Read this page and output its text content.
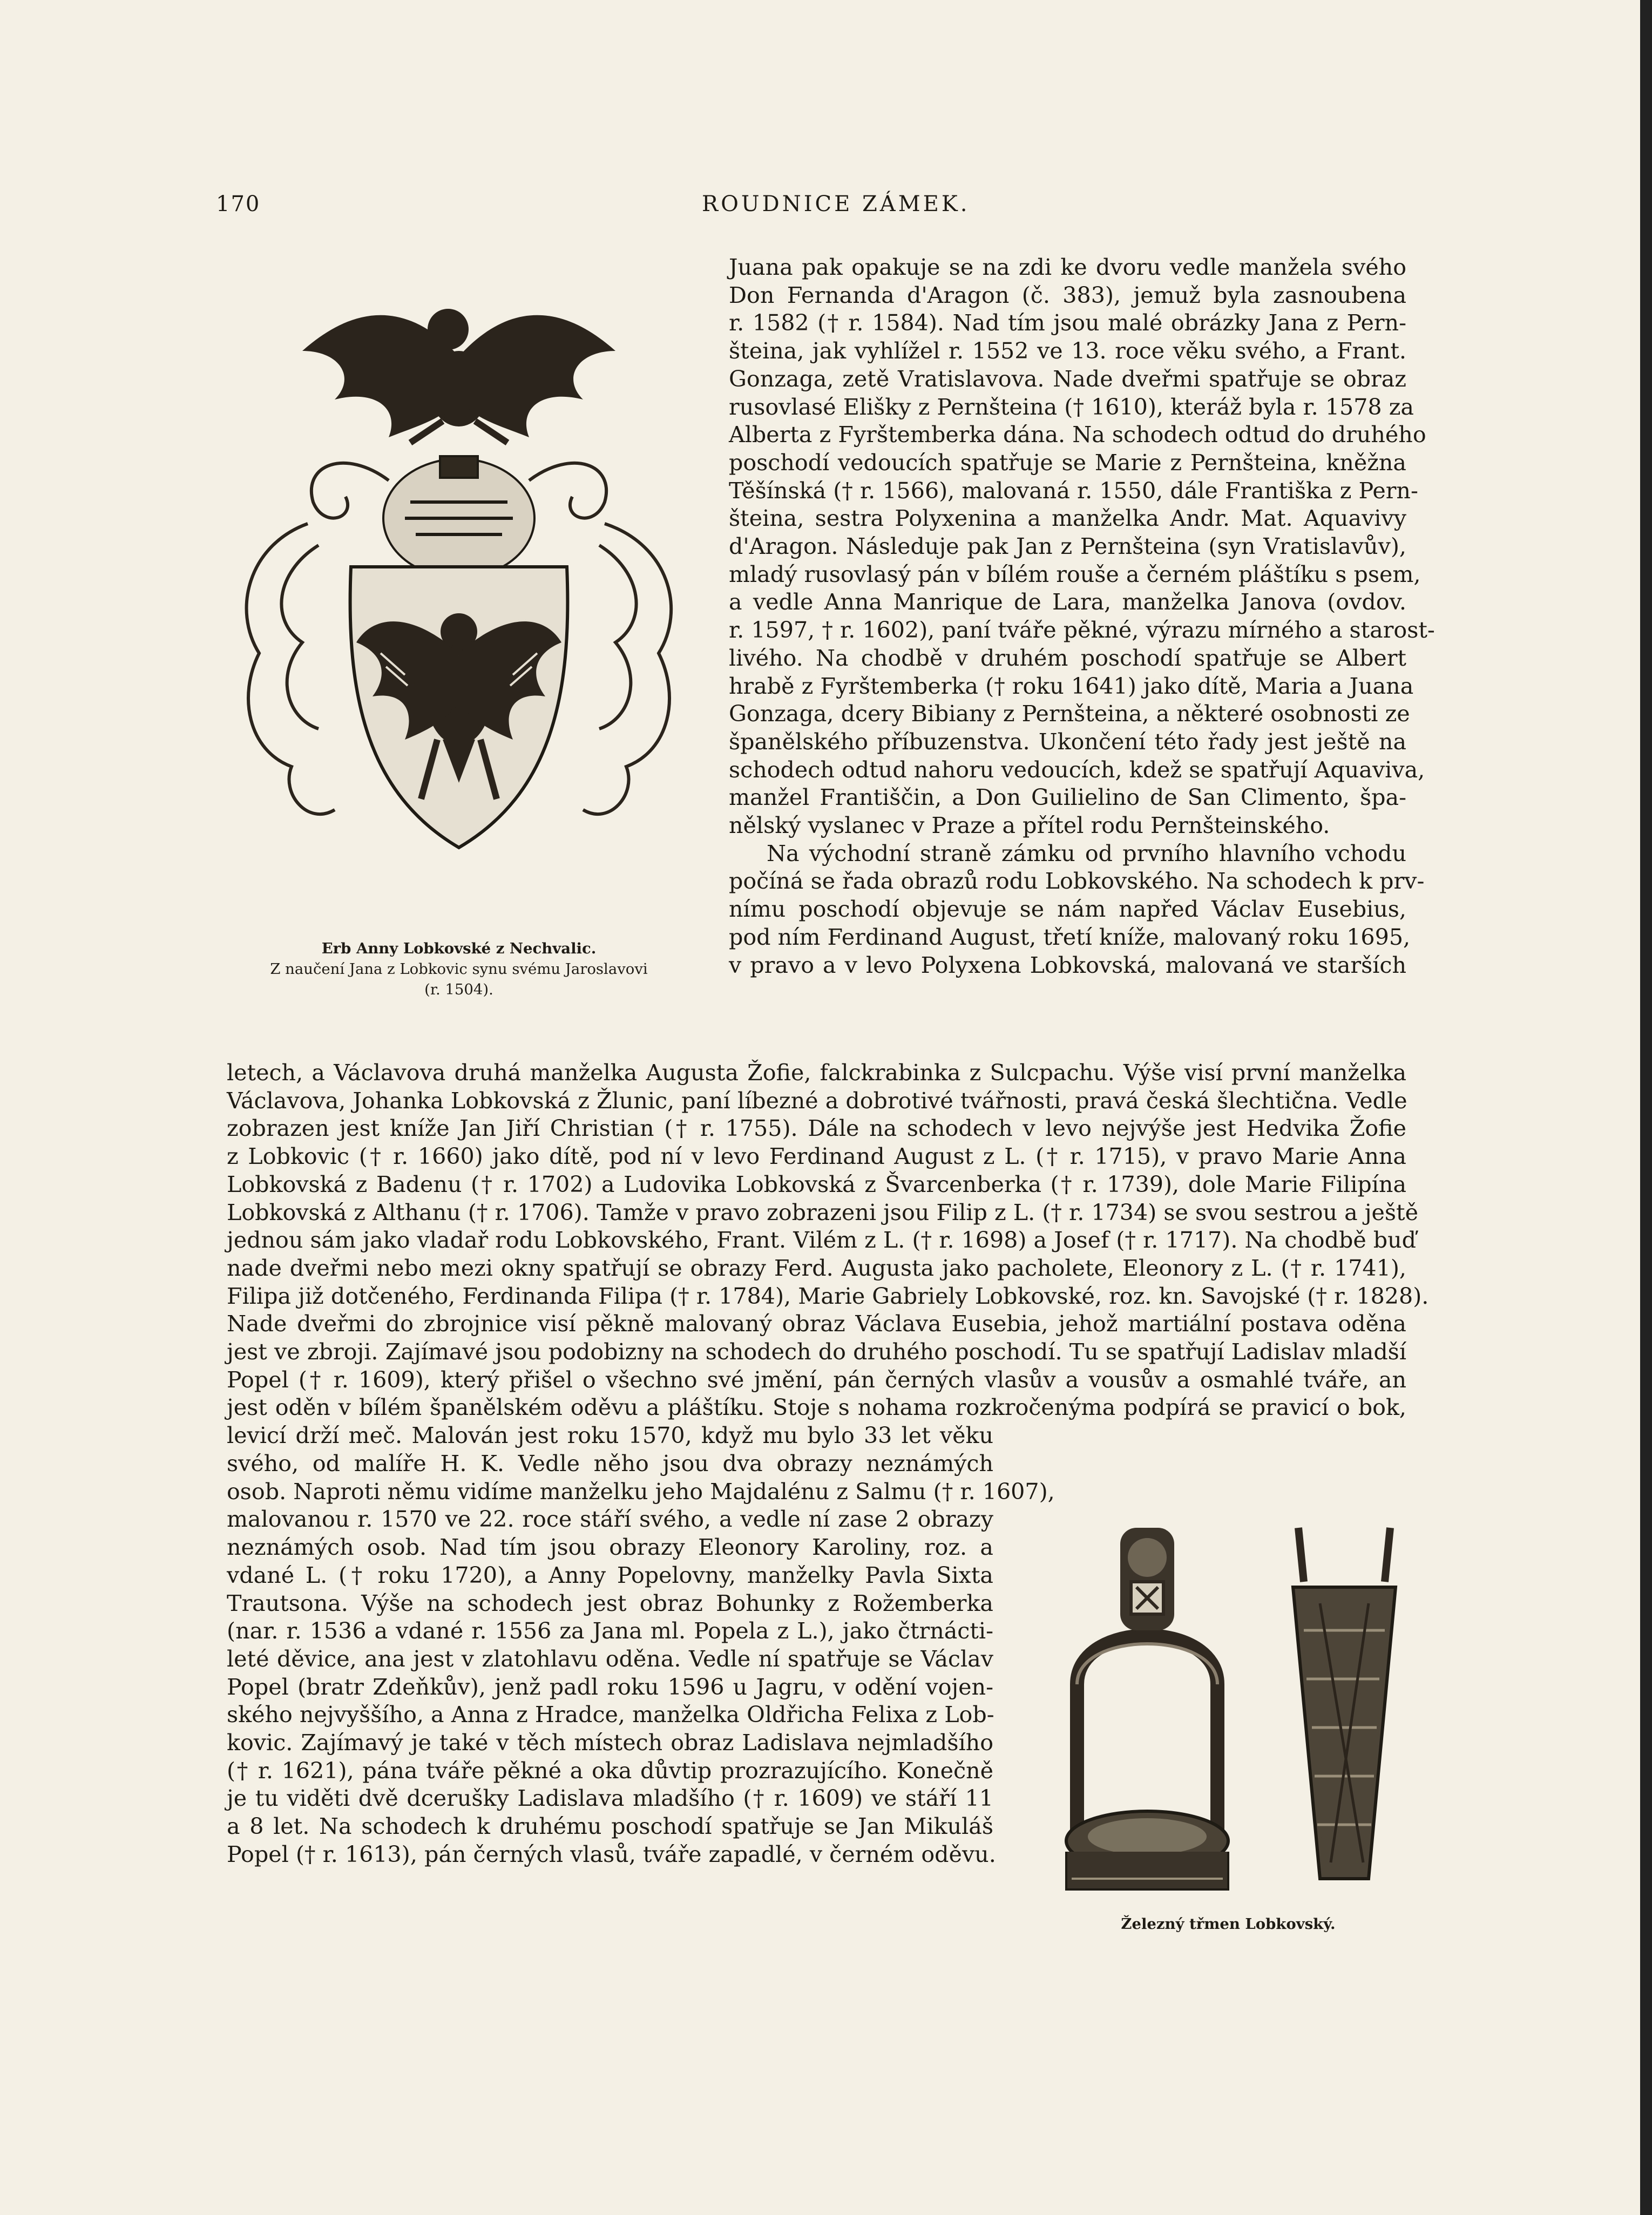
170	ROUDNICE ZÁMEK.
Erb Anny Lobkovské z Nechvalic.
Z naučení Jana z Lobkovic synu svému Jaroslavovi
(r. 1504).
Juana pak opakuje se na zdi ke dvoru vedle manžela svého
Don Fernanda d'Aragon (č. 383), jemuž byla zasnoubena
r. 1582 († r. 1584). Nad tím jsou malé obrázky Jana z Pern-
šteina, jak vyhlížel r. 1552 ve 13. roce věku svého, a Frant.
Gonzaga, zetě Vratislavova. Nade dveřmi spatřuje se obraz
rusovlasé Elišky z Pernšteina († 1610), kteráž byla r. 1578 za
Alberta z Fyrštemberka dána. Na schodech odtud do druhého
poschodí vedoucích spatřuje se Marie z Pernšteina, kněžna
Těšínská († r. 1566), malovaná r. 1550, dále Františka z Pern-
šteina, sestra Polyxenina a manželka Andr. Mat. Aquavivy
d'Aragon. Následuje pak Jan z Pernšteina (syn Vratislavův),
mladý rusovlasý pán v bílém rouše a černém pláštíku s psem,
a vedle Anna Manrique de Lara, manželka Janova (ovdov.
r. 1597, † r. 1602), paní tváře pěkné, výrazu mírného a starost-
livého. Na chodbě v druhém poschodí spatřuje se Albert
hrabě z Fyrštemberka († roku 1641) jako dítě, Maria a Juana
Gonzaga, dcery Bibiany z Pernšteina, a některé osobnosti ze
španělského příbuzenstva. Ukončení této řady jest ještě na
schodech odtud nahoru vedoucích, kdež se spatřují Aquaviva,
manžel Františčin, a Don Guilielino de San Climento, špa-
nělský vyslanec v Praze a přítel rodu Pernšteinského.
Na východní straně zámku od prvního hlavního vchodu
počíná se řada obrazů rodu Lobkovského. Na schodech k prv-
nímu poschodí objevuje se nám napřed Václav Eusebius,
pod ním Ferdinand August, třetí kníže, malovaný roku 1695,
v pravo a v levo Polyxena Lobkovská, malovaná ve starších
letech, a Václavova druhá manželka Augusta Žofie, falckrabinka z Sulcpachu. Výše visí první manželka
Václavova, Johanka Lobkovská z Žlunic, paní líbezné a dobrotivé tvářnosti, pravá česká šlechtična. Vedle
zobrazen jest kníže Jan Jiří Christian († r. 1755). Dále na schodech v levo nejvýše jest Hedvika Žofie
z Lobkovic († r. 1660) jako dítě, pod ní v levo Ferdinand August z L. († r. 1715), v pravo Marie Anna
Lobkovská z Badenu († r. 1702) a Ludovika Lobkovská z Švarcenberka († r. 1739), dole Marie Filipína
Lobkovská z Althanu († r. 1706). Tamže v pravo zobrazeni jsou Filip z L. († r. 1734) se svou sestrou a ještě
jednou sám jako vladař rodu Lobkovského, Frant. Vilém z L. († r. 1698) a Josef († r. 1717). Na chodbě buď
nade dveřmi nebo mezi okny spatřují se obrazy Ferd. Augusta jako pacholete, Eleonory z L. († r. 1741),
Filipa již dotčeného, Ferdinanda Filipa († r. 1784), Marie Gabriely Lobkovské, roz. kn. Savojské († r. 1828).
Nade dveřmi do zbrojnice visí pěkně malovaný obraz Václava Eusebia, jehož martiální postava oděna
jest ve zbroji. Zajímavé jsou podobizny na schodech do druhého poschodí. Tu se spatřují Ladislav mladší
Popel († r. 1609), který přišel o všechno své jmění, pán černých vlasův a vousův a osmahlé tváře, an
jest oděn v bílém španělském oděvu a pláštíku. Stoje s nohama rozkročenýma podpírá se pravicí o bok,
levicí drží meč. Malován jest roku 1570, když mu bylo 33 let věku
svého, od malíře H. K. Vedle něho jsou dva obrazy neznámých
osob. Naproti němu vidíme manželku jeho Majdalénu z Salmu († r. 1607),
malovanou r. 1570 ve 22. roce stáří svého, a vedle ní zase 2 obrazy
neznámých osob. Nad tím jsou obrazy Eleonory Karoliny, roz. a
vdané L. († roku 1720), a Anny Popelovny, manželky Pavla Sixta
Trautsona. Výše na schodech jest obraz Bohunky z Rožemberka
(nar. r. 1536 a vdané r. 1556 za Jana ml. Popela z L.), jako čtrnácti-
leté děvice, ana jest v zlatohlavu oděna. Vedle ní spatřuje se Václav
Popel (bratr Zdeňkův), jenž padl roku 1596 u Jagru, v odění vojen-
ského nejvyššího, a Anna z Hradce, manželka Oldřicha Felixa z Lob-
kovic. Zajímavý je také v těch místech obraz Ladislava nejmladšího
(† r. 1621), pána tváře pěkné a oka důvtip prozrazujícího. Konečně
je tu viděti dvě dcerušky Ladislava mladšího († r. 1609) ve stáří 11
a 8 let. Na schodech k druhému poschodí spatřuje se Jan Mikuláš
Popel († r. 1613), pán černých vlasů, tváře zapadlé, v černém oděvu.
Železný třmen Lobkovský.
